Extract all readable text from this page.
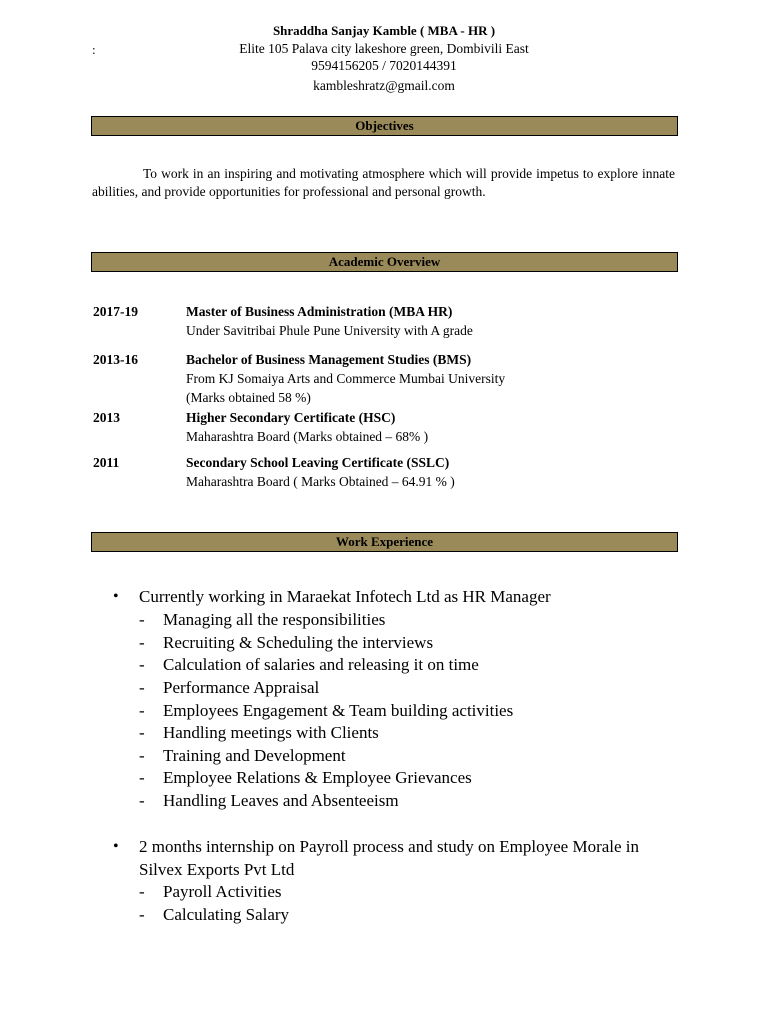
Shraddha Sanjay Kamble ( MBA - HR )
:	Elite 105 Palava city lakeshore green, Dombivili East
9594156205 / 7020144391
kambleshratz@gmail.com
Objectives
To work in an inspiring and motivating atmosphere which will provide impetus to explore innate abilities, and provide opportunities for professional and personal growth.
Academic Overview
2017-19	Master of Business Administration (MBA HR)
Under Savitribai Phule Pune University with A grade
2013-16	Bachelor of Business Management Studies (BMS)
From KJ Somaiya Arts and Commerce Mumbai University
(Marks obtained 58 %)
2013	Higher Secondary Certificate (HSC)
Maharashtra Board (Marks obtained – 68% )
2011	Secondary School Leaving Certificate (SSLC)
Maharashtra Board ( Marks Obtained – 64.91 % )
Work Experience
• Currently working in Maraekat Infotech Ltd as HR Manager
- Managing all the responsibilities
- Recruiting & Scheduling the interviews
- Calculation of salaries and releasing it on time
- Performance Appraisal
- Employees Engagement & Team building activities
- Handling meetings with Clients
- Training and Development
- Employee Relations & Employee Grievances
- Handling Leaves and Absenteeism
• 2 months internship on Payroll process and study on Employee Morale in Silvex Exports Pvt Ltd
- Payroll Activities
- Calculating Salary
